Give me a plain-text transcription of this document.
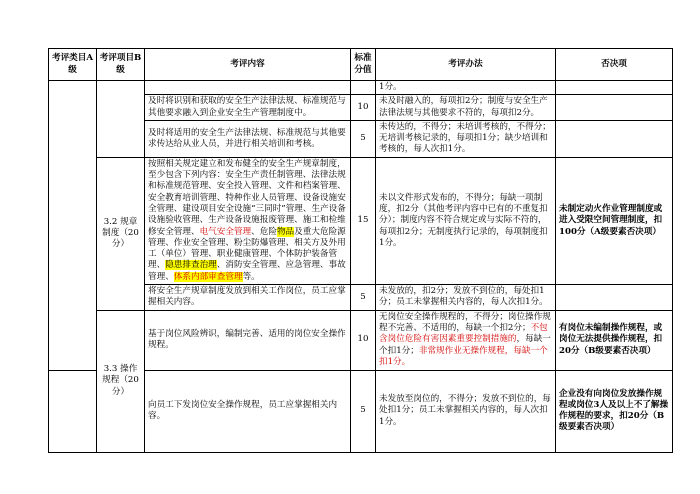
考评类目A级	考评项目B级	考评内容	标准分值	考评办法	否决项
				1分。	
		及时将识别和获取的安全生产法律法规、标准规范与其他要求融入到企业安全生产管理制度中。	10	未及时融入的，每项扣2分；制度与安全生产法律法规与其他要求不符的，每项扣2分。	
		及时将适用的安全生产法律法规、标准规范与其他要求传达给从业人员，并进行相关培训和考核。	5	未传达的，不得分；未培训考核的，不得分；无培训考核记录的，每项扣1分；缺少培训和考核的，每人次扣1分。	
	3.2 规章制度（20分）	按照相关规定建立和发布健全的安全生产规章制度，至少包含下列内容：安全生产责任制管理、法律法规和标准规范管理、安全投入管理、文件和档案管理、安全教育培训管理、特种作业人员管理、设备设施安全管理、建设项目安全设施“三同时”管理、生产设备设施验收管理、生产设备设施报废管理、施工和检维修安全管理、电气安全管理、危险物品及重大危险源管理、作业安全管理、粉尘防爆管理、相关方及外用工（单位）管理、职业健康管理、个体防护装备管理、隐患排查治理、消防安全管理、应急管理、事故管理、体系内部审查管理等。	15	未以文件形式发布的，不得分；每缺一项制度，扣2分（其他考评内容中已有的不重复扣分）；制度内容不符合规定或与实际不符的，每项扣2分；无制度执行记录的，每项制度扣1分。	未制定动火作业管理制度或进入受限空间管理制度，扣100分（A级要素否决项）
		将安全生产规章制度发放到相关工作岗位，员工应掌握相关内容。	5	未发放的，扣2分；发放不到位的，每处扣1分；员工未掌握相关内容的，每人次扣1分。	
	3.3 操作规程（20分）	基于岗位风险辨识，编制完善、适用的岗位安全操作规程。	10	无岗位安全操作规程的，不得分；岗位操作规程不完善、不适用的，每缺一个扣2分；不包含岗位危险有害因素重要控制措施的，每缺一个扣1分；非常规作业无操作规程，每缺一个扣1分。	有岗位未编制操作规程，或岗位无法提供操作规程，扣20分（B级要素否决项）
		向员工下发岗位安全操作规程，员工应掌握相关内容。	5	未发放至岗位的，不得分；发放不到位的，每处扣1分；员工未掌握相关内容的，每人次扣1分。	企业没有向岗位发放操作规程或岗位3人及以上不了解操作规程的要求，扣20分（B级要素否决项）
